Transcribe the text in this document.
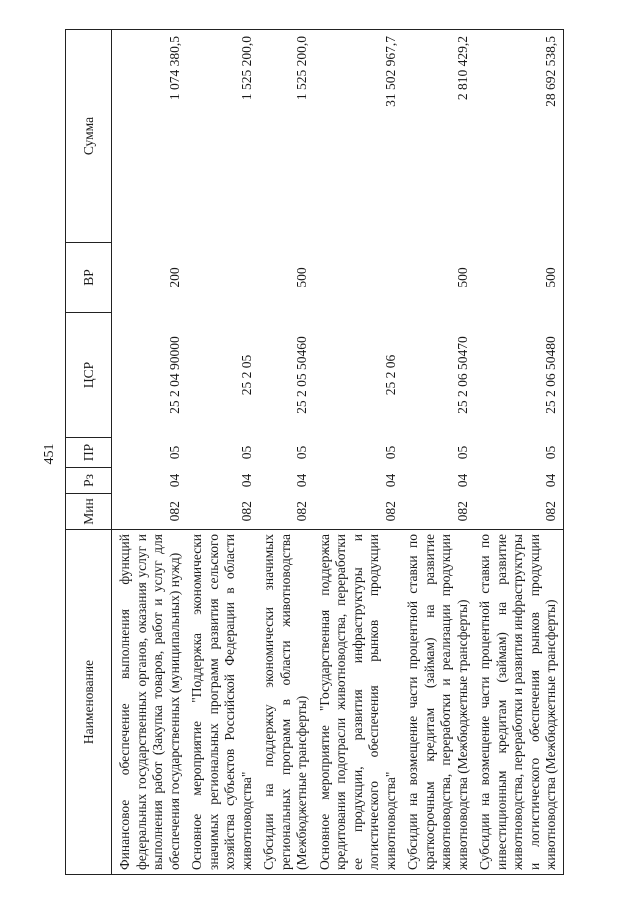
451
Наименование	Мин	Рз	ПР	ЦСР	ВР	Сумма
Финансовое обеспечение выполнения функций федеральных государственных органов, оказания услуг и выполнения работ (Закупка товаров, работ и услуг для обеспечения государственных (муниципальных) нужд)	082	04	05	25 2 04 90000	200	1 074 380,5
Основное мероприятие "Поддержка экономически значимых региональных программ развития сельского хозяйства субъектов Российской Федерации в области животноводства"	082	04	05	25 2 05		1 525 200,0
Субсидии на поддержку экономически значимых региональных программ в области животноводства (Межбюджетные трансферты)	082	04	05	25 2 05 50460	500	1 525 200,0
Основное мероприятие "Государственная поддержка кредитования подотрасли животноводства, переработки ее продукции, развития инфраструктуры и логистического обеспечения рынков продукции животноводства"	082	04	05	25 2 06		31 502 967,7
Субсидии на возмещение части процентной ставки по краткосрочным кредитам (займам) на развитие животноводства, переработки и реализации продукции животноводства (Межбюджетные трансферты)	082	04	05	25 2 06 50470	500	2 810 429,2
Субсидии на возмещение части процентной ставки по инвестиционным кредитам (займам) на развитие животноводства, переработки и развития инфраструктуры и логистического обеспечения рынков продукции животноводства (Межбюджетные трансферты)	082	04	05	25 2 06 50480	500	28 692 538,5
